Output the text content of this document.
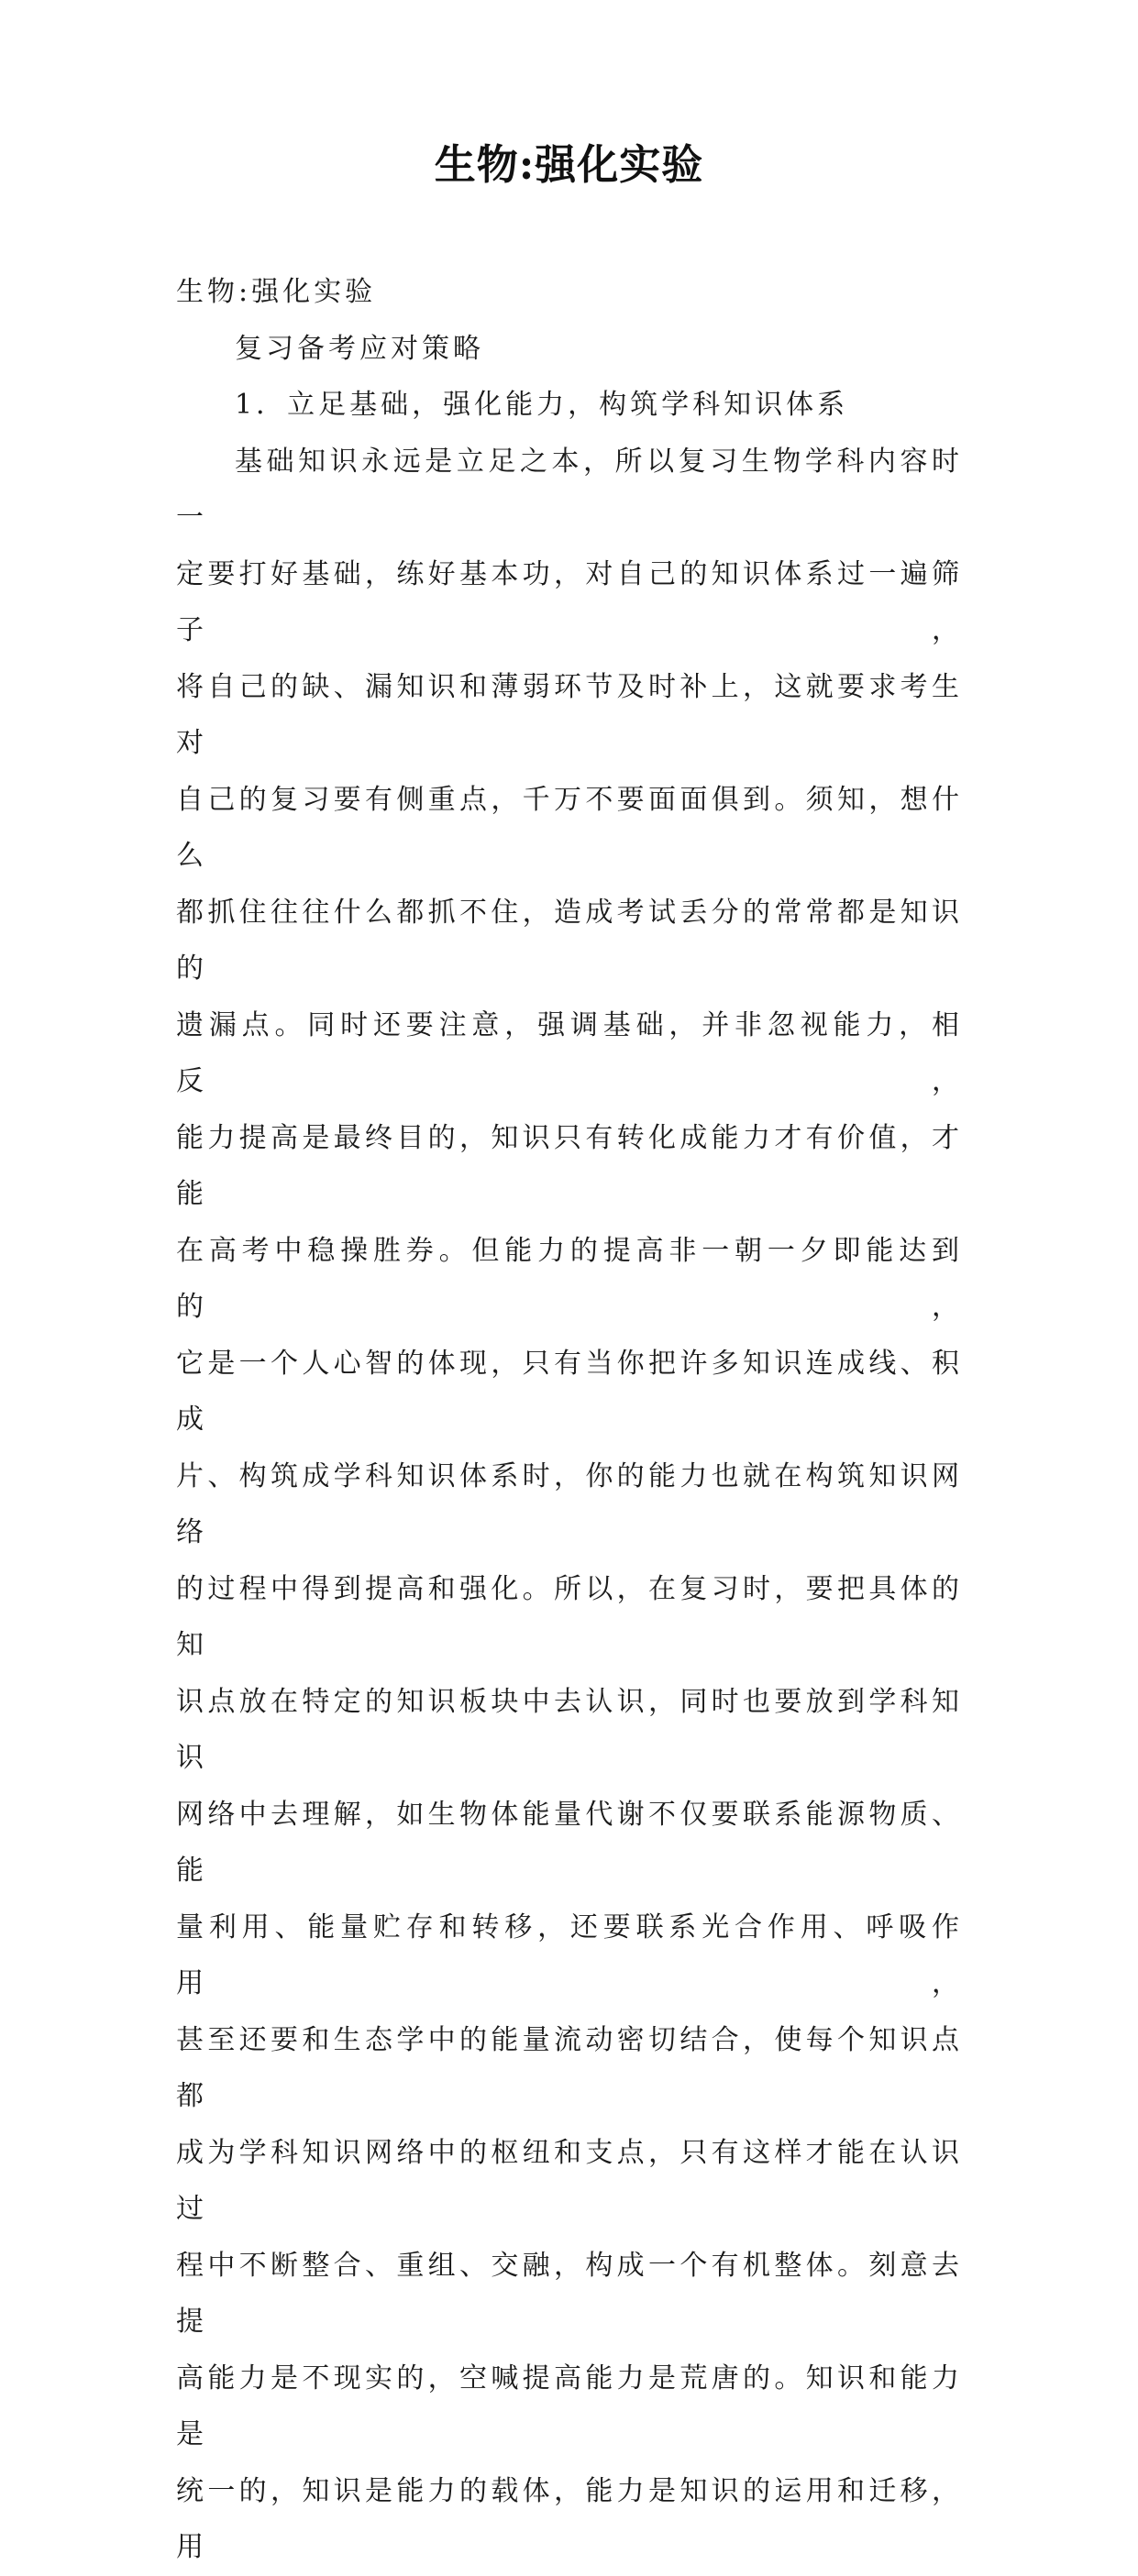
生物:强化实验

生物:强化实验

复习备考应对策略

1．立足基础，强化能力，构筑学科知识体系

基础知识永远是立足之本，所以复习生物学科内容时一
定要打好基础，练好基本功，对自己的知识体系过一遍筛子，
将自己的缺、漏知识和薄弱环节及时补上，这就要求考生对
自己的复习要有侧重点，千万不要面面俱到。须知，想什么
都抓住往往什么都抓不住，造成考试丢分的常常都是知识的
遗漏点。同时还要注意，强调基础，并非忽视能力，相反，
能力提高是最终目的，知识只有转化成能力才有价值，才能
在高考中稳操胜券。但能力的提高非一朝一夕即能达到的，
它是一个人心智的体现，只有当你把许多知识连成线、积成
片、构筑成学科知识体系时，你的能力也就在构筑知识网络
的过程中得到提高和强化。所以，在复习时，要把具体的知
识点放在特定的知识板块中去认识，同时也要放到学科知识
网络中去理解，如生物体能量代谢不仅要联系能源物质、能
量利用、能量贮存和转移，还要联系光合作用、呼吸作用，
甚至还要和生态学中的能量流动密切结合，使每个知识点都
成为学科知识网络中的枢纽和支点，只有这样才能在认识过
程中不断整合、重组、交融，构成一个有机整体。刻意去提
高能力是不现实的，空喊提高能力是荒唐的。知识和能力是
统一的，知识是能力的载体，能力是知识的运用和迁移，用
